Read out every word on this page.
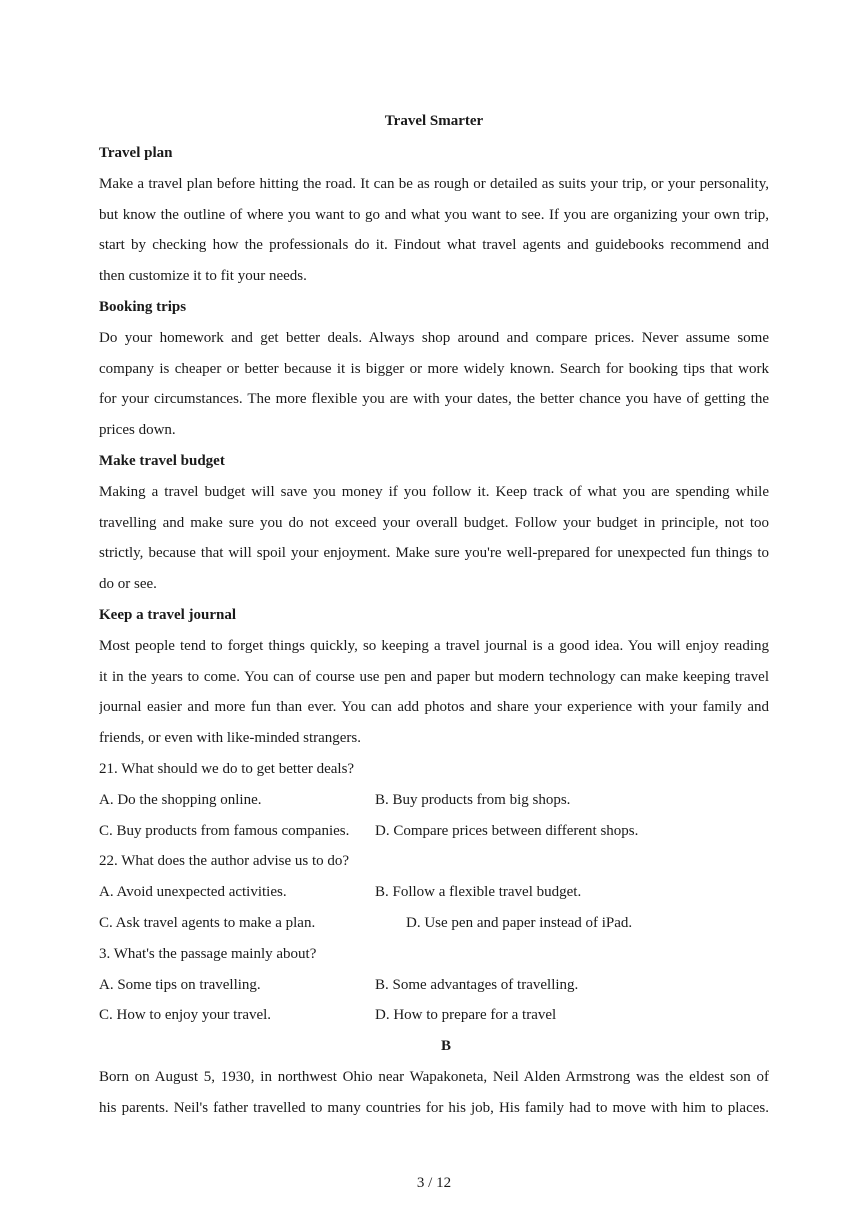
Travel Smarter
Travel plan
Make a travel plan before hitting the road. It can be as rough or detailed as suits your trip, or your personality,
but know the outline of where you want to go and what you want to see. If you are organizing your own trip,
start by checking how the professionals do it. Findout what travel agents and guidebooks recommend and
then customize it to fit your needs.
Booking trips
Do your homework and get better deals. Always shop around and compare prices. Never assume some
company is cheaper or better because it is bigger or more widely known. Search for booking tips that work
for your circumstances. The more flexible you are with your dates, the better chance you have of getting the
prices down.
Make travel budget
Making a travel budget will save you money if you follow it. Keep track of what you are spending while
travelling and make sure you do not exceed your overall budget. Follow your budget in principle, not too
strictly, because that will spoil your enjoyment. Make sure you're well-prepared for unexpected fun things to
do or see.
Keep a travel journal
Most people tend to forget things quickly, so keeping a travel journal is a good idea. You will enjoy reading
it in the years to come. You can of course use pen and paper but modern technology can make keeping travel
journal easier and more fun than ever. You can add photos and share your experience with your family and
friends, or even with like-minded strangers.
21. What should we do to get better deals?
A. Do the shopping online.	B. Buy products from big shops.
C. Buy products from famous companies. D. Compare prices between different shops.
22. What does the author advise us to do?
A. Avoid unexpected activities.	B. Follow a flexible travel budget.
C. Ask travel agents to make a plan.	D. Use pen and paper instead of iPad.
3. What's the passage mainly about?
A. Some tips on travelling.	B. Some advantages of travelling.
C. How to enjoy your travel.	D. How to prepare for a travel
B
Born on August 5, 1930, in northwest Ohio near Wapakoneta, Neil Alden Armstrong was the eldest son of
his parents. Neil's father travelled to many countries for his job, His family had to move with him to places.
3 / 12
